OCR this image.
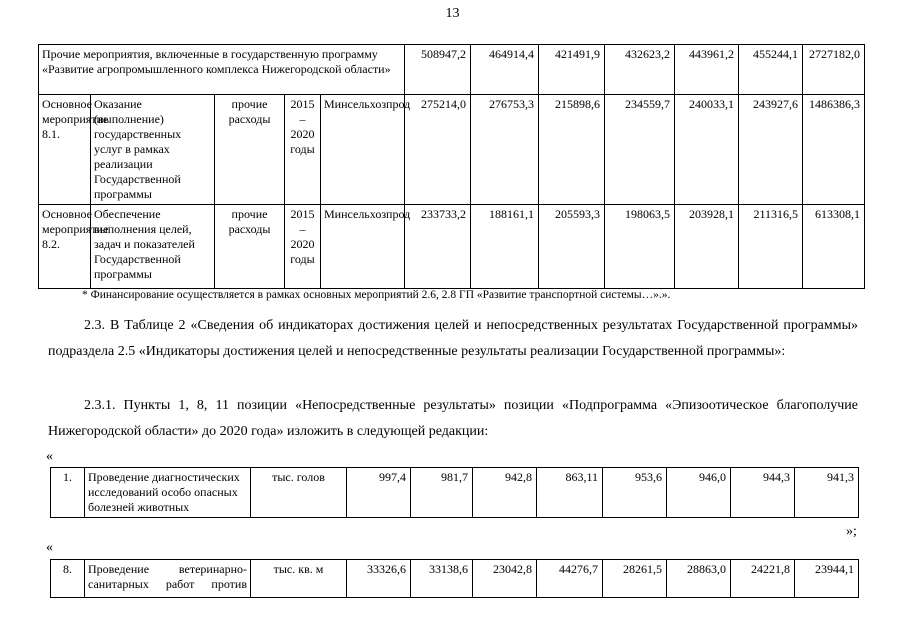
13
Прочие мероприятия, включенные в государственную программу «Развитие агропромышленного комплекса Нижегородской области»					508947,2	464914,4	421491,9	432623,2	443961,2	455244,1	2727182,0
Основное мероприятие 8.1.	Оказание (выполнение) государственных услуг в рамках реализации Государственной программы	прочие расходы	2015 – 2020 годы	Минсельхозпрод	275214,0	276753,3	215898,6	234559,7	240033,1	243927,6	1486386,3
Основное мероприятие 8.2.	Обеспечение выполнения целей, задач и показателей Государственной программы	прочие расходы	2015 – 2020 годы	Минсельхозпрод	233733,2	188161,1	205593,3	198063,5	203928,1	211316,5	613308,1
* Финансирование осуществляется в рамках основных мероприятий 2.6, 2.8 ГП «Развитие транспортной системы…».».

2.3. В Таблице 2 «Сведения об индикаторах достижения целей и непосредственных результатах Государственной программы» подраздела 2.5 «Индикаторы достижения целей и непосредственные результаты реализации Государственной программы»:

2.3.1. Пункты 1, 8, 11 позиции «Непосредственные результаты» позиции «Подпрограмма «Эпизоотическое благополучие Нижегородской области» до 2020 года» изложить в следующей редакции:

«
1.	Проведение диагностических исследований особо опасных болезней животных	тыс. голов	997,4	981,7	942,8	863,11	953,6	946,0	944,3	941,3
»;
«
8.	Проведение ветеринарно-санитарных работ против	тыс. кв. м	33326,6	33138,6	23042,8	44276,7	28261,5	28863,0	24221,8	23944,1
